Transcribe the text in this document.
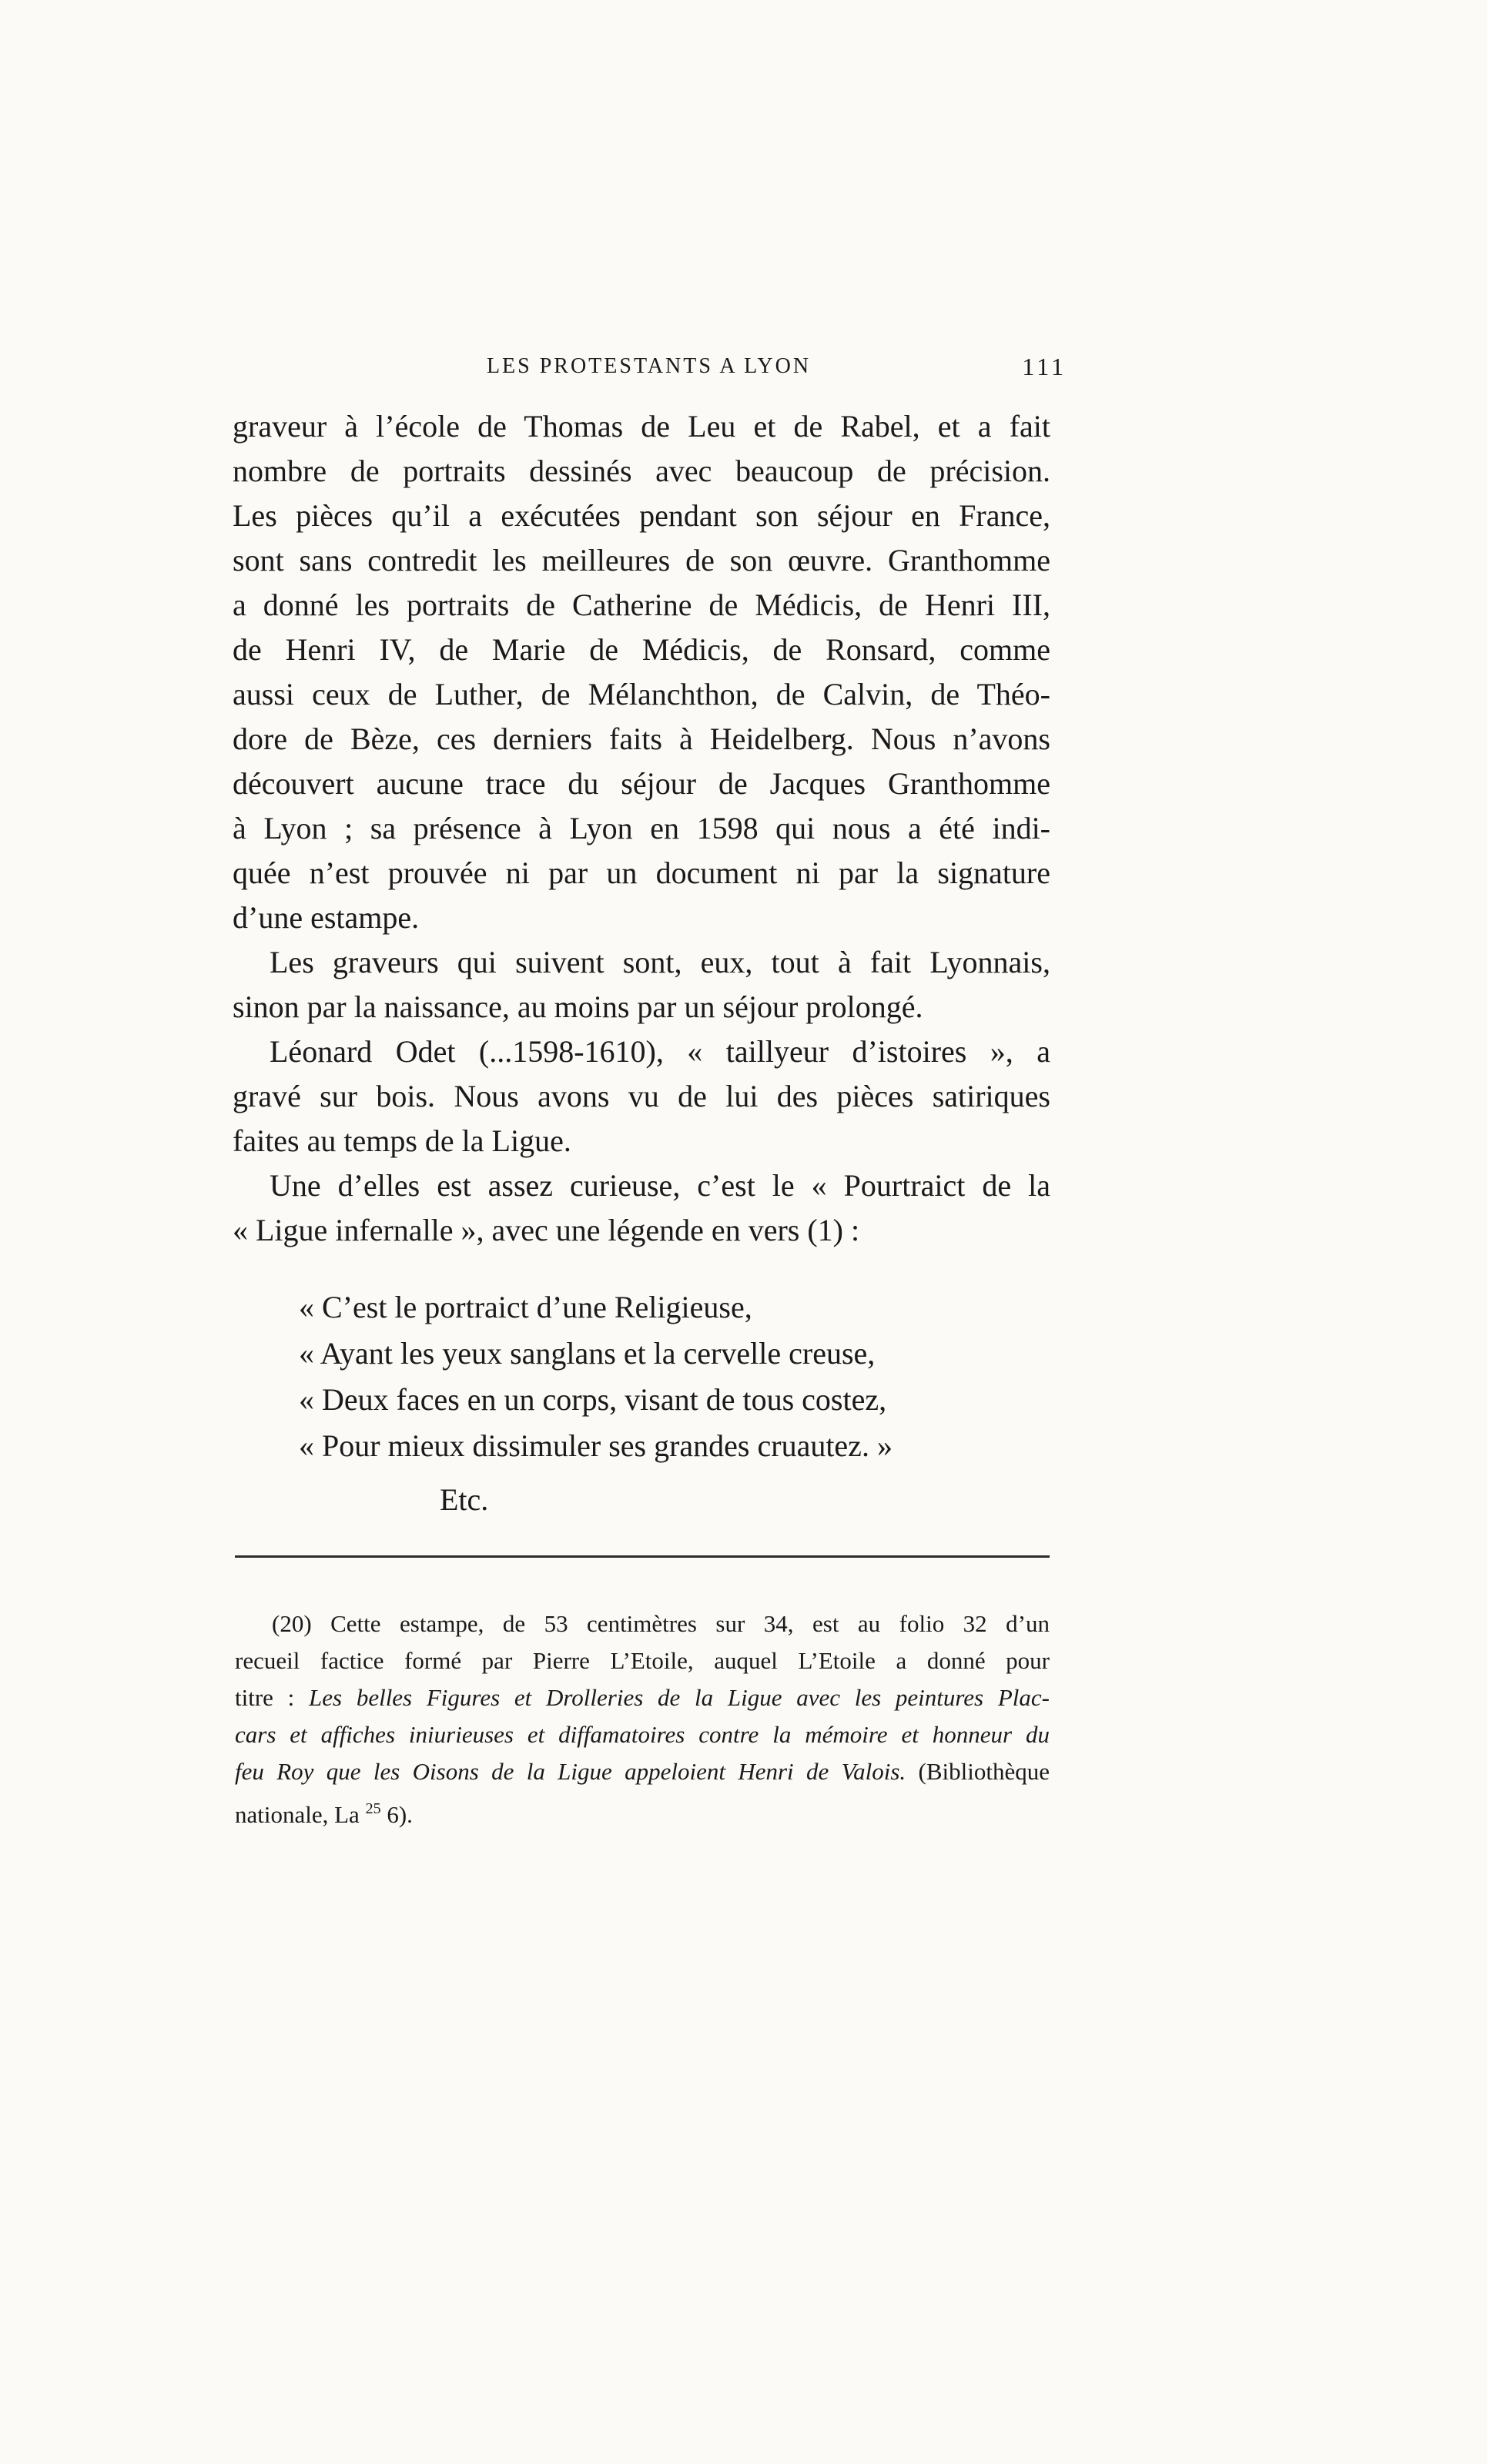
LES PROTESTANTS A LYON	111
graveur à l’école de Thomas de Leu et de Rabel, et a fait
nombre de portraits dessinés avec beaucoup de précision.
Les pièces qu’il a exécutées pendant son séjour en France,
sont sans contredit les meilleures de son œuvre. Granthomme
a donné les portraits de Catherine de Médicis, de Henri III,
de Henri IV, de Marie de Médicis, de Ronsard, comme
aussi ceux de Luther, de Mélanchthon, de Calvin, de Théo-
dore de Bèze, ces derniers faits à Heidelberg. Nous n’avons
découvert aucune trace du séjour de Jacques Granthomme
à Lyon ; sa présence à Lyon en 1598 qui nous a été indi-
quée n’est prouvée ni par un document ni par la signature
d’une estampe.
Les graveurs qui suivent sont, eux, tout à fait Lyonnais,
sinon par la naissance, au moins par un séjour prolongé.
Léonard Odet (...1598-1610), « taillyeur d’istoires », a
gravé sur bois. Nous avons vu de lui des pièces satiriques
faites au temps de la Ligue.
Une d’elles est assez curieuse, c’est le « Pourtraict de la
« Ligue infernalle », avec une légende en vers (1) :
« C’est le portraict d’une Religieuse,
« Ayant les yeux sanglans et la cervelle creuse,
« Deux faces en un corps, visant de tous costez,
« Pour mieux dissimuler ses grandes cruautez. »
Etc.
(20) Cette estampe, de 53 centimètres sur 34, est au folio 32 d’un
recueil factice formé par Pierre L’Etoile, auquel L’Etoile a donné pour
titre : Les belles Figures et Drolleries de la Ligue avec les peintures Plac-
cars et affiches iniurieuses et diffamatoires contre la mémoire et honneur du
feu Roy que les Oisons de la Ligue appeloient Henri de Valois. (Bibliothèque
nationale, La $^{25}$ 6).
